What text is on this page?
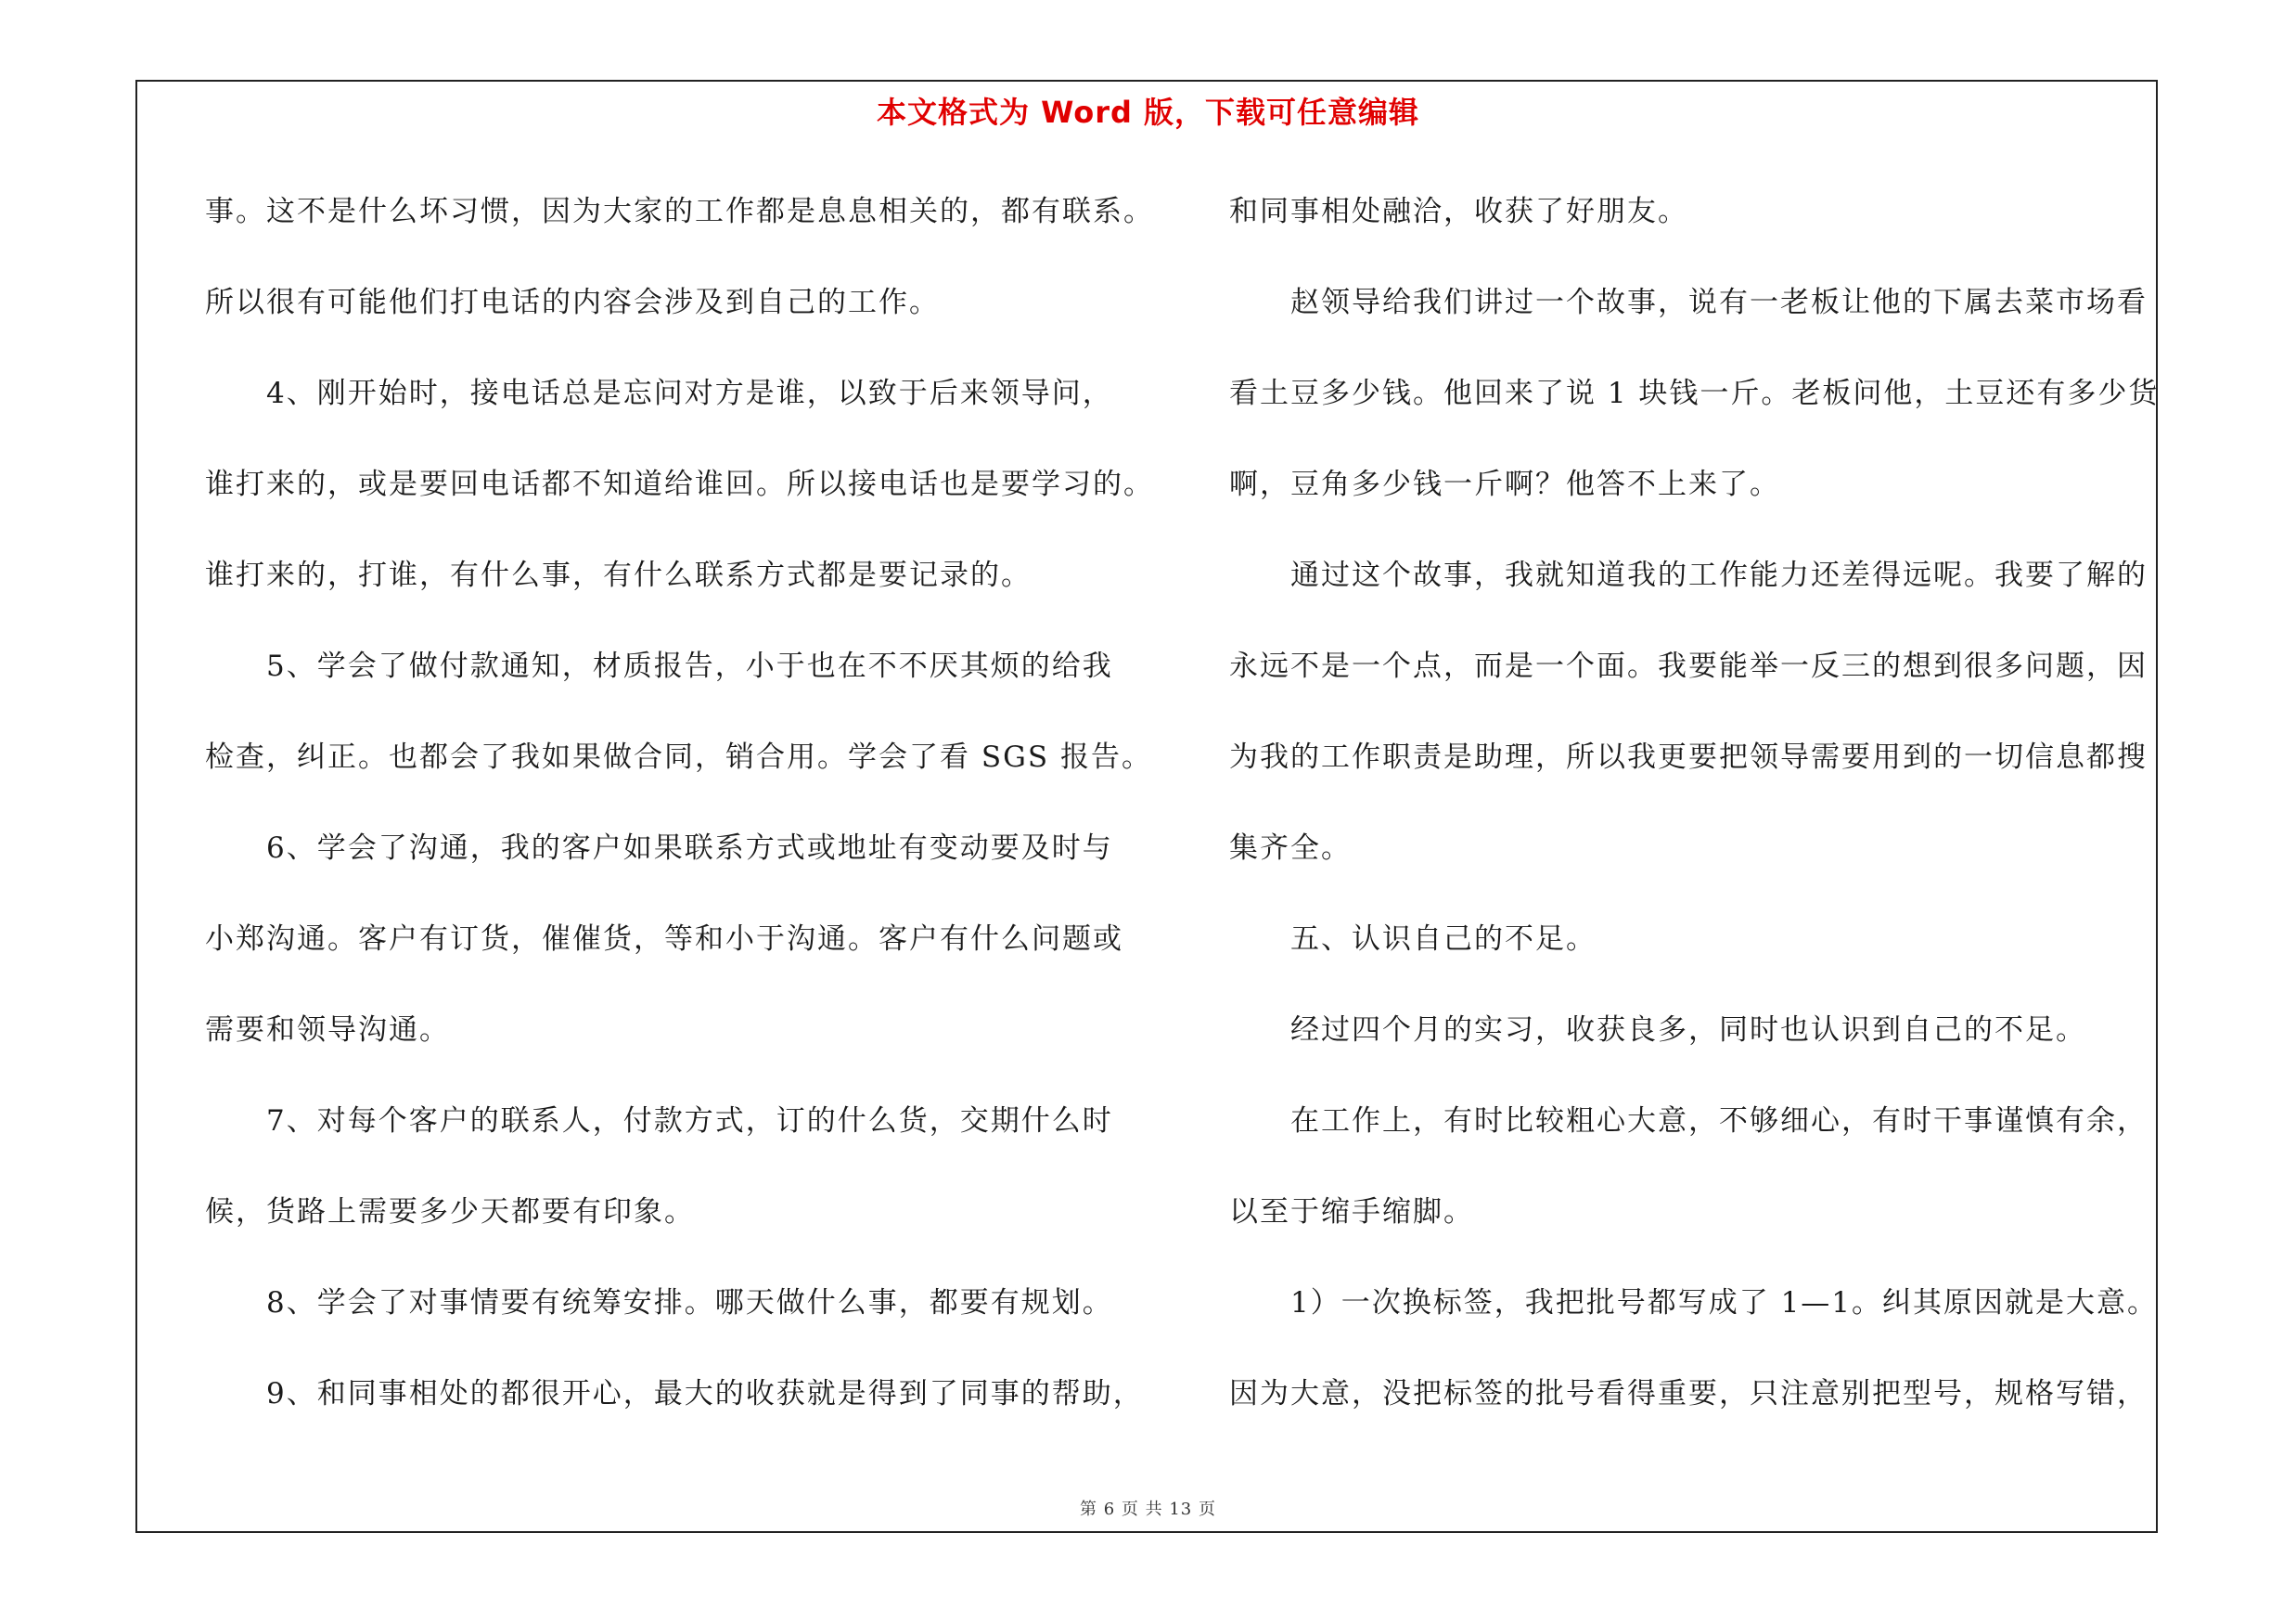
本文格式为 Word 版，下载可任意编辑
事。这不是什么坏习惯，因为大家的工作都是息息相关的，都有联系。
所以很有可能他们打电话的内容会涉及到自己的工作。
4、刚开始时，接电话总是忘问对方是谁，以致于后来领导问，
谁打来的，或是要回电话都不知道给谁回。所以接电话也是要学习的。
谁打来的，打谁，有什么事，有什么联系方式都是要记录的。
5、学会了做付款通知，材质报告，小于也在不不厌其烦的给我
检查，纠正。也都会了我如果做合同，销合用。学会了看 SGS 报告。
6、学会了沟通，我的客户如果联系方式或地址有变动要及时与
小郑沟通。客户有订货，催催货，等和小于沟通。客户有什么问题或
需要和领导沟通。
7、对每个客户的联系人，付款方式，订的什么货，交期什么时
候，货路上需要多少天都要有印象。
8、学会了对事情要有统筹安排。哪天做什么事，都要有规划。
9、和同事相处的都很开心，最大的收获就是得到了同事的帮助，
和同事相处融洽，收获了好朋友。
赵领导给我们讲过一个故事，说有一老板让他的下属去菜市场看
看土豆多少钱。他回来了说 1 块钱一斤。老板问他，土豆还有多少货
啊，豆角多少钱一斤啊？他答不上来了。
通过这个故事，我就知道我的工作能力还差得远呢。我要了解的
永远不是一个点，而是一个面。我要能举一反三的想到很多问题，因
为我的工作职责是助理，所以我更要把领导需要用到的一切信息都搜
集齐全。
五、认识自己的不足。
经过四个月的实习，收获良多，同时也认识到自己的不足。
在工作上，有时比较粗心大意，不够细心，有时干事谨慎有余，
以至于缩手缩脚。
1）一次换标签，我把批号都写成了 1—1。纠其原因就是大意。
因为大意，没把标签的批号看得重要，只注意别把型号，规格写错，
第 6 页 共 13 页
